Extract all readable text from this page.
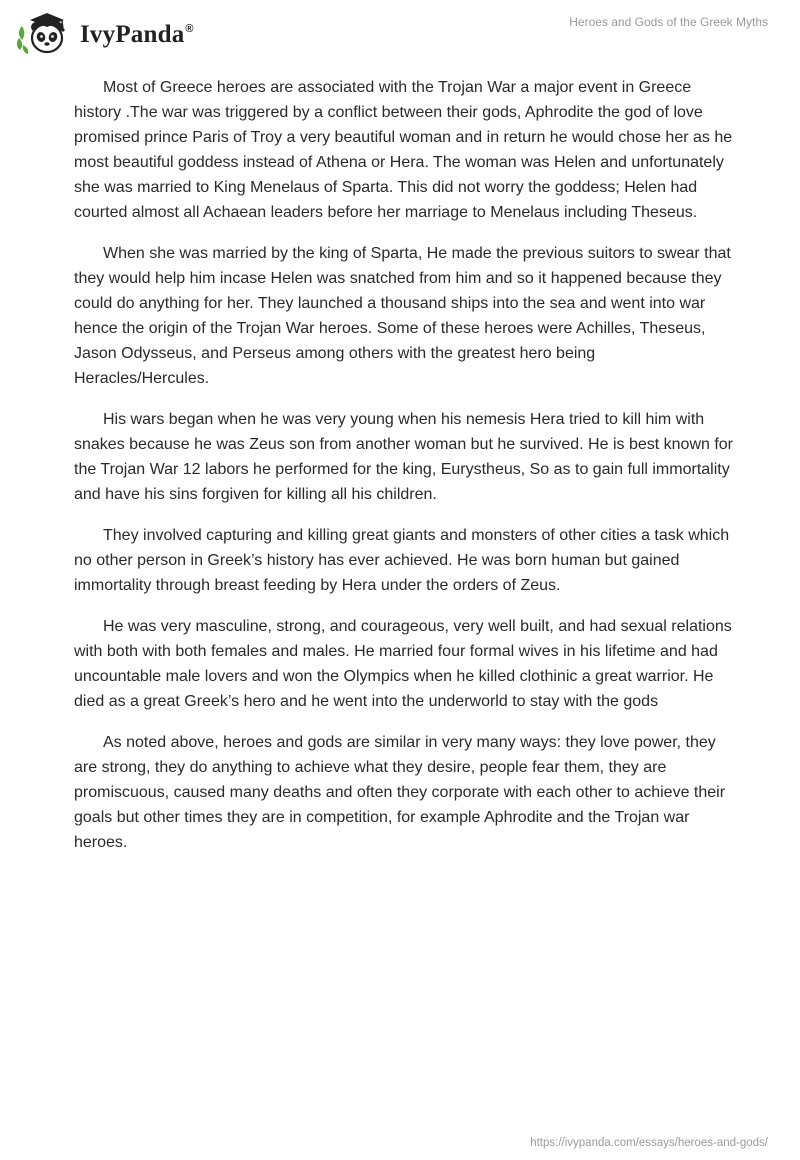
IvyPanda®	Heroes and Gods of the Greek Myths

Most of Greece heroes are associated with the Trojan War a major event in Greece history .The war was triggered by a conflict between their gods, Aphrodite the god of love promised prince Paris of Troy a very beautiful woman and in return he would chose her as he most beautiful goddess instead of Athena or Hera. The woman was Helen and unfortunately she was married to King Menelaus of Sparta. This did not worry the goddess; Helen had courted almost all Achaean leaders before her marriage to Menelaus including Theseus.

When she was married by the king of Sparta, He made the previous suitors to swear that they would help him incase Helen was snatched from him and so it happened because they could do anything for her. They launched a thousand ships into the sea and went into war hence the origin of the Trojan War heroes. Some of these heroes were Achilles, Theseus, Jason Odysseus, and Perseus among others with the greatest hero being Heracles/Hercules.

His wars began when he was very young when his nemesis Hera tried to kill him with snakes because he was Zeus son from another woman but he survived. He is best known for the Trojan War 12 labors he performed for the king, Eurystheus, So as to gain full immortality and have his sins forgiven for killing all his children.

They involved capturing and killing great giants and monsters of other cities a task which no other person in Greek’s history has ever achieved. He was born human but gained immortality through breast feeding by Hera under the orders of Zeus.

He was very masculine, strong, and courageous, very well built, and had sexual relations with both with both females and males. He married four formal wives in his lifetime and had uncountable male lovers and won the Olympics when he killed clothinic a great warrior. He died as a great Greek’s hero and he went into the underworld to stay with the gods

As noted above, heroes and gods are similar in very many ways: they love power, they are strong, they do anything to achieve what they desire, people fear them, they are promiscuous, caused many deaths and often they corporate with each other to achieve their goals but other times they are in competition, for example Aphrodite and the Trojan war heroes.

https://ivypanda.com/essays/heroes-and-gods/
